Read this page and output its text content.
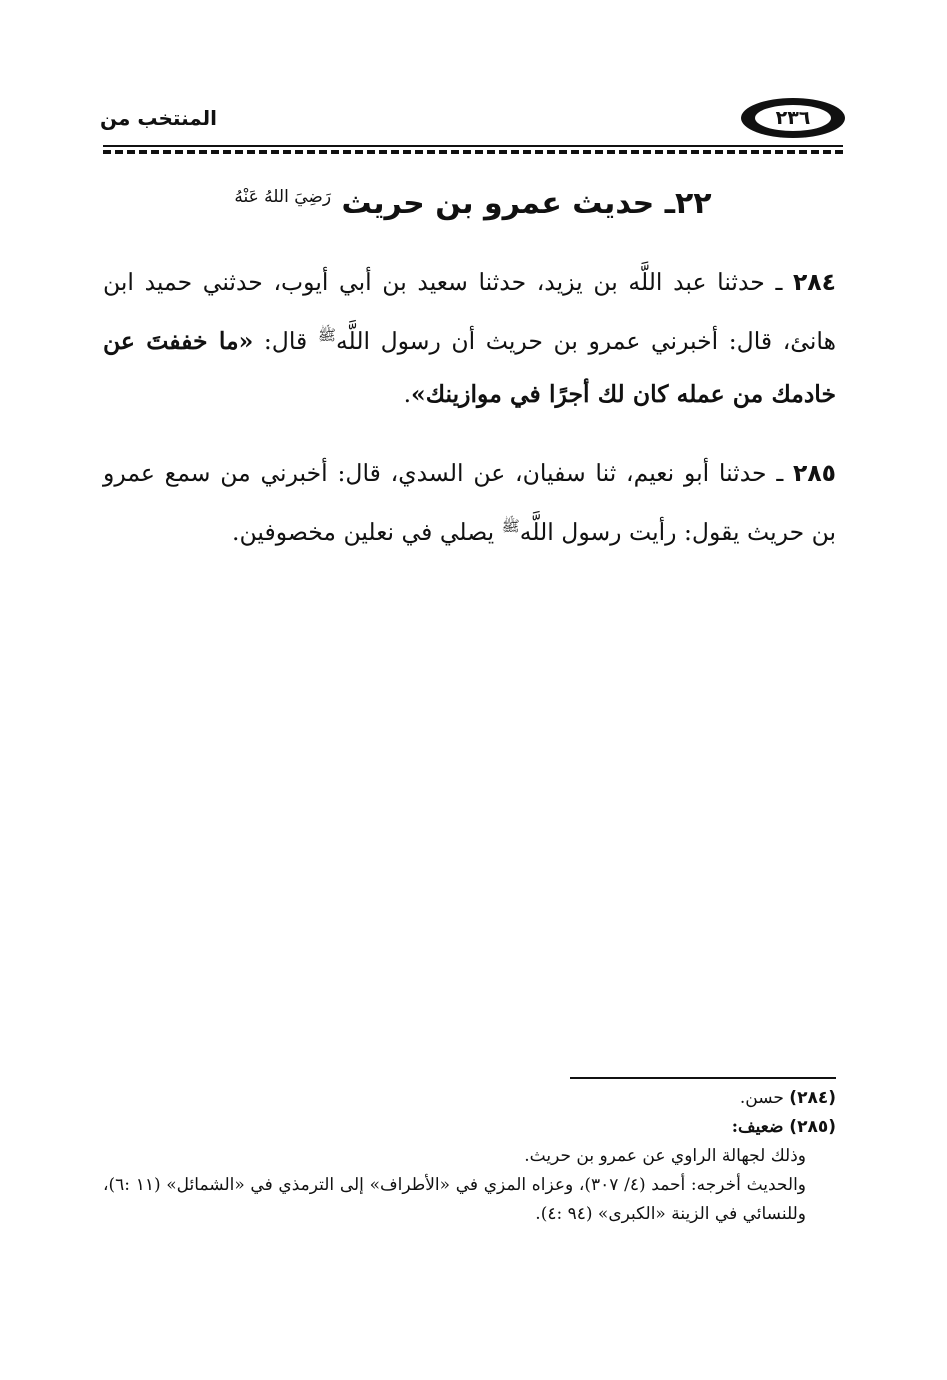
٢٣٦
المنتخب من
٢٢ـ حديث عمرو بن حريث $^{رَضِيَ اللهُ عَنْهُ}$

٢٨٤ ـ حدثنا عبد اللَّه بن يزيد، حدثنا سعيد بن أبي أيوب، حدثني حميد ابن هانئ، قال: أخبرني عمرو بن حريث أن رسول اللَّه$^ﷺ$ قال: «ما خففتَ عن خادمك من عمله كان لك أجرًا في موازينك».

٢٨٥ ـ حدثنا أبو نعيم، ثنا سفيان، عن السدي، قال: أخبرني من سمع عمرو بن حريث يقول: رأيت رسول اللَّه$^ﷺ$ يصلي في نعلين مخصوفين.

(٢٨٤) حسن.

(٢٨٥) ضعيف:

وذلك لجهالة الراوي عن عمرو بن حريث.

والحديث أخرجه: أحمد (٤/ ٣٠٧)، وعزاه المزي في «الأطراف» إلى الترمذي في «الشمائل» (١١ :٦)، وللنسائي في الزينة «الكبرى» (٩٤ :٤).
